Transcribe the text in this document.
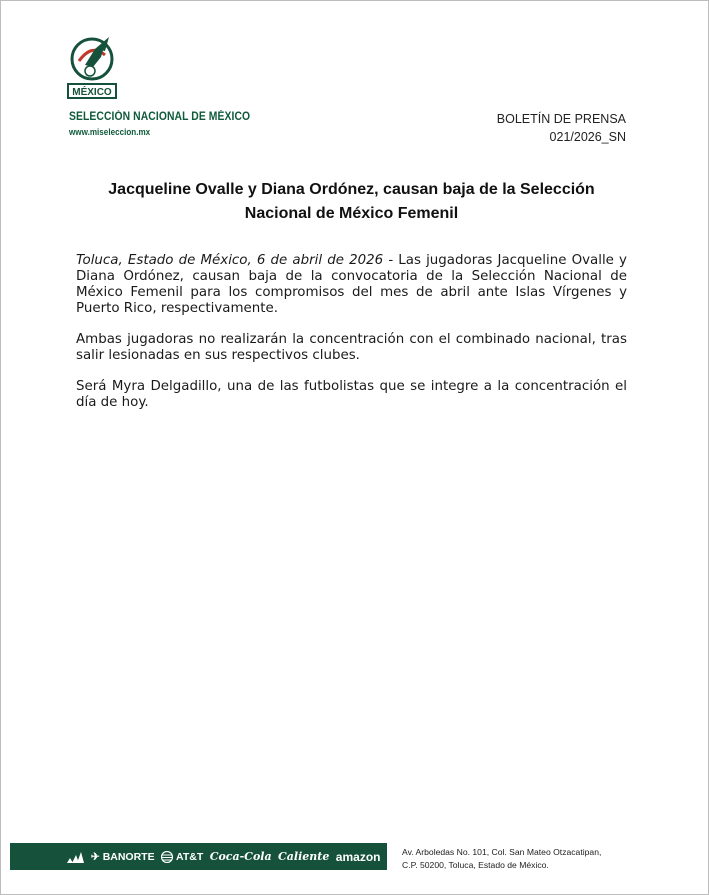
MÉXICO
SELECCIÓN NACIONAL DE MÉXICO
www.miseleccion.mx
BOLETÍN DE PRENSA
021/2026_SN
Jacqueline Ovalle y Diana Ordónez, causan baja de la Selección
Nacional de México Femenil

Toluca, Estado de México, 6 de abril de 2026 - Las jugadoras Jacqueline Ovalle y Diana Ordónez, causan baja de la convocatoria de la Selección Nacional de México Femenil para los compromisos del mes de abril ante Islas Vírgenes y Puerto Rico, respectivamente.

Ambas jugadoras no realizarán la concentración con el combinado nacional, tras salir lesionadas en sus respectivos clubes.

Será Myra Delgadillo, una de las futbolistas que se integre a la concentración el día de hoy.

✈ BANORTE AT&T Coca-Cola Caliente amazon	Av. Arboledas No. 101, Col. San Mateo Otzacatipan,
C.P. 50200, Toluca, Estado de México.
